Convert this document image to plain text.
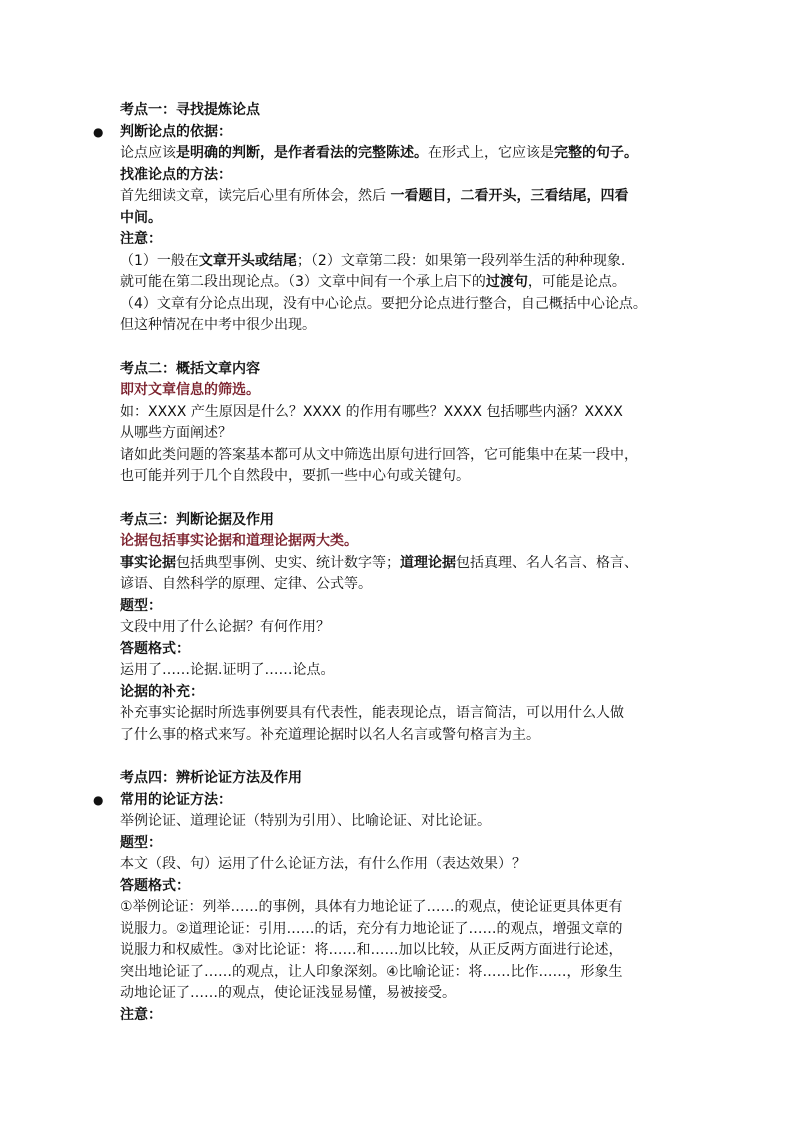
考点一：寻找提炼论点
● 判断论点的依据：
论点应该是明确的判断，是作者看法的完整陈述。在形式上，它应该是完整的句子。
找准论点的方法：
首先细读文章，读完后心里有所体会，然后 一看题目，二看开头，三看结尾，四看
中间。
注意：
（1）一般在文章开头或结尾；（2）文章第二段：如果第一段列举生活的种种现象.
就可能在第二段出现论点。（3）文章中间有一个承上启下的过渡句，可能是论点。
（4）文章有分论点出现，没有中心论点。要把分论点进行整合，自己概括中心论点。
但这种情况在中考中很少出现。
考点二：概括文章内容
即对文章信息的筛选。
如：XXXX 产生原因是什么？XXXX 的作用有哪些？XXXX 包括哪些内涵？XXXX
从哪些方面阐述？
诸如此类问题的答案基本都可从文中筛选出原句进行回答，它可能集中在某一段中，
也可能并列于几个自然段中，要抓一些中心句或关键句。
考点三：判断论据及作用
论据包括事实论据和道理论据两大类。
事实论据包括典型事例、史实、统计数字等；道理论据包括真理、名人名言、格言、
谚语、自然科学的原理、定律、公式等。
题型：
文段中用了什么论据？有何作用？
答题格式：
运用了……论据.证明了……论点。
论据的补充：
补充事实论据时所选事例要具有代表性，能表现论点，语言简洁，可以用什么人做
了什么事的格式来写。补充道理论据时以名人名言或警句格言为主。
考点四：辨析论证方法及作用
● 常用的论证方法：
举例论证、道理论证（特别为引用）、比喻论证、对比论证。
题型：
本文（段、句）运用了什么论证方法，有什么作用（表达效果）？
答题格式：
①举例论证：列举……的事例，具体有力地论证了……的观点，使论证更具体更有
说服力。②道理论证：引用……的话，充分有力地论证了……的观点，增强文章的
说服力和权威性。③对比论证：将……和……加以比较，从正反两方面进行论述，
突出地论证了……的观点，让人印象深刻。④比喻论证：将……比作……，形象生
动地论证了……的观点，使论证浅显易懂，易被接受。
注意：
